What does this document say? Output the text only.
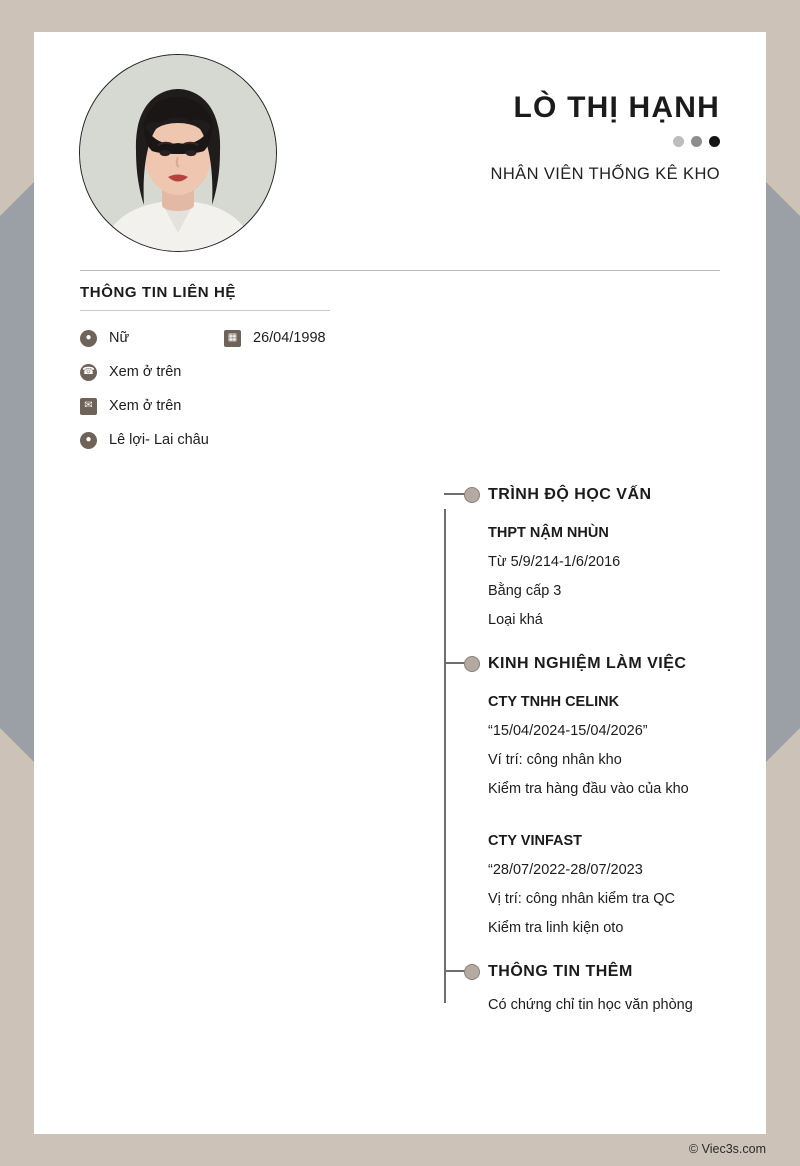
LÒ THỊ HẠNH
NHÂN VIÊN THỐNG KÊ KHO
THÔNG TIN LIÊN HỆ
●	Nữ	▦ 26/04/1998
☎ Xem ở trên
✉ Xem ở trên
●	Lê lợi- Lai châu
TRÌNH ĐỘ HỌC VẤN
THPT NẬM NHÙN
Từ 5/9/214-1/6/2016
Bằng cấp 3
Loại khá
KINH NGHIỆM LÀM VIỆC
CTY TNHH CELINK
“15/04/2024-15/04/2026”
Ví trí: công nhân kho
Kiểm tra hàng đầu vào của kho
CTY VINFAST
“28/07/2022-28/07/2023
Vị trí: công nhân kiểm tra QC
Kiểm tra linh kiện oto
THÔNG TIN THÊM
Có chứng chỉ tin học văn phòng
© Viec3s.com
